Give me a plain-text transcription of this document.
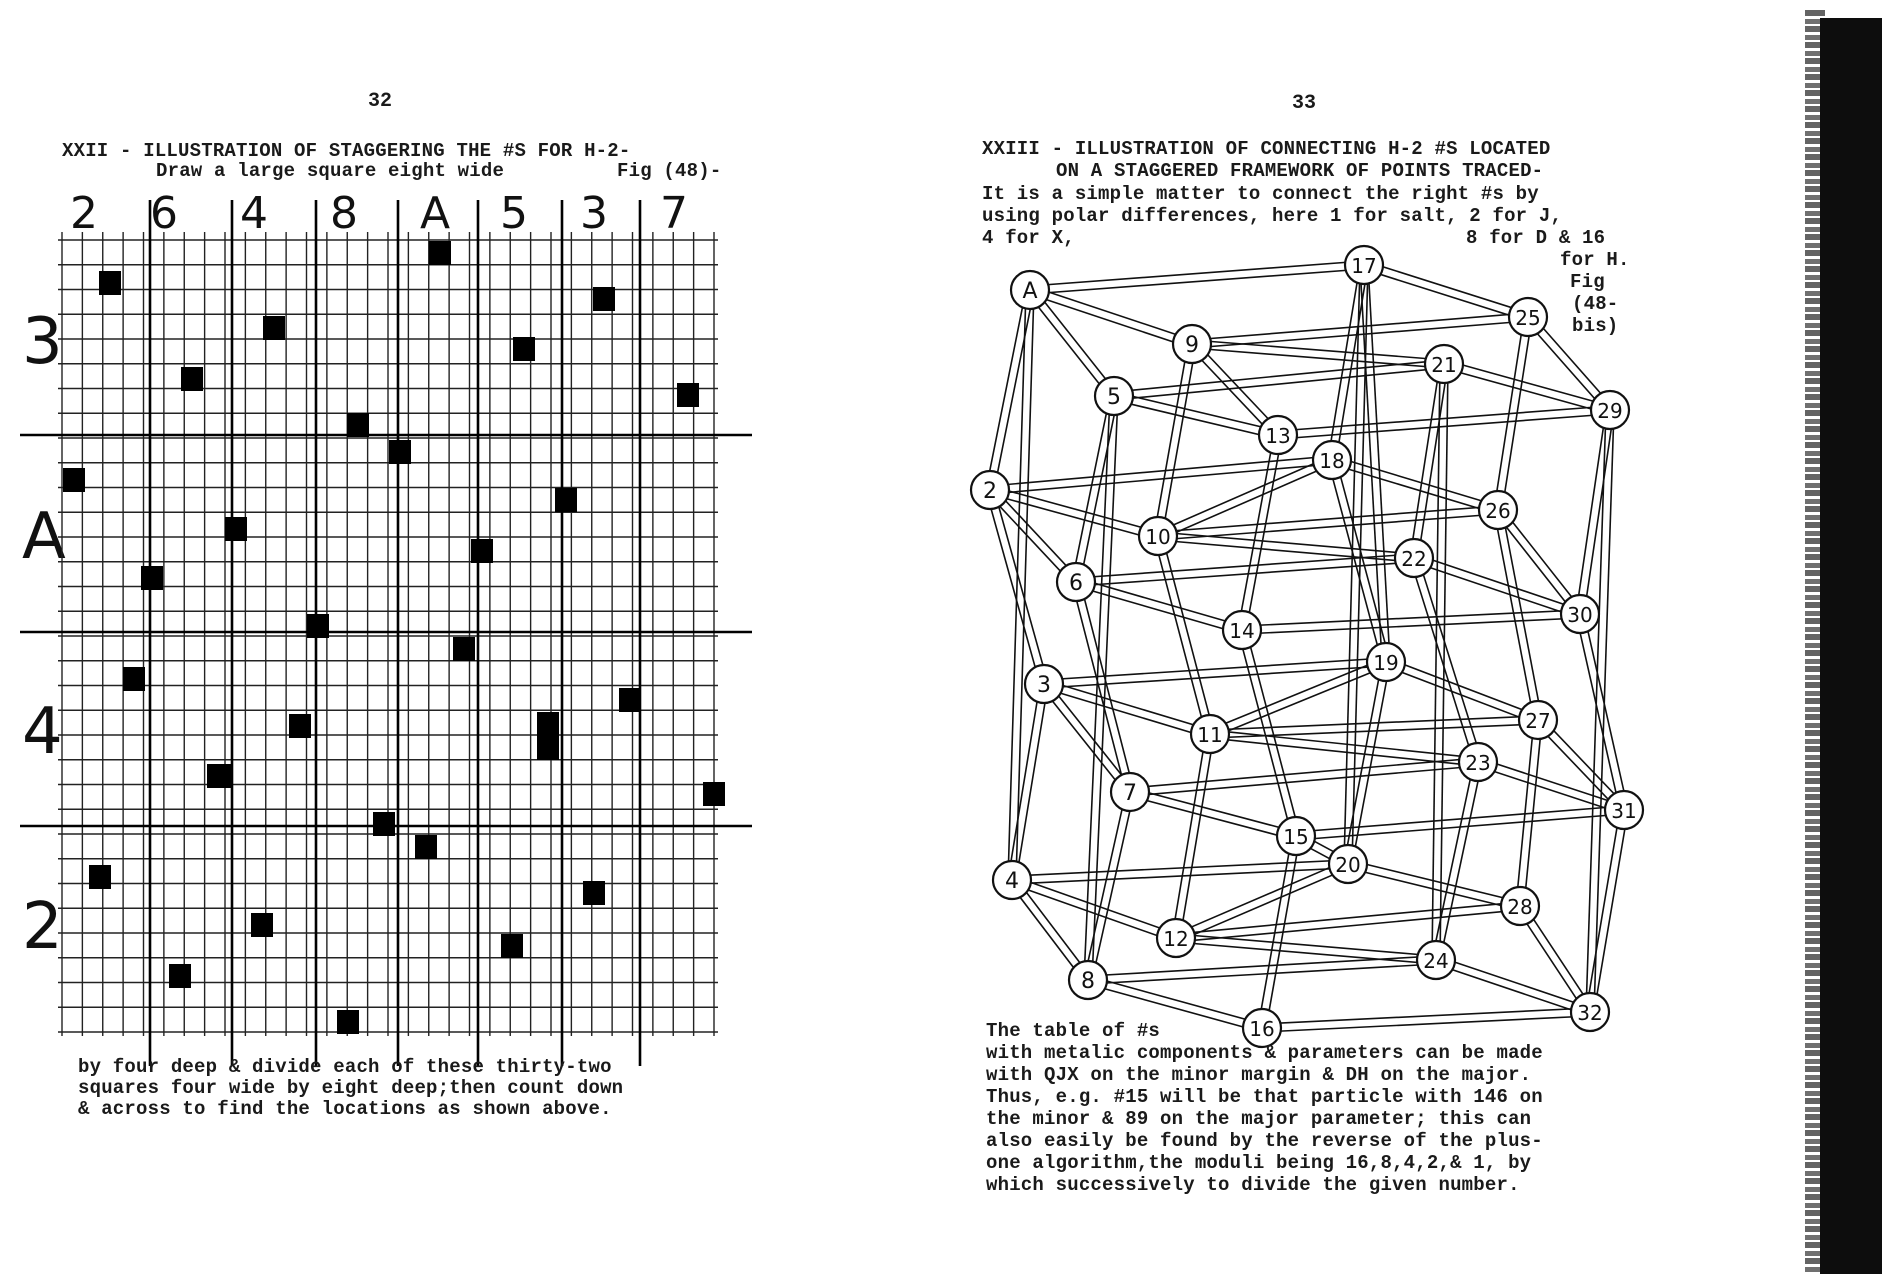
32
XXII - ILLUSTRATION OF STAGGERING THE #S FOR H-2-
Draw a large square eight wide	Fig (48)-
2 6 4 8 A 5 3 7
3
A
4
2
by four deep & divide each of these thirty-two
squares four wide by eight deep;then count down
& across to find the locations as shown above.
33
XXIII - ILLUSTRATION OF CONNECTING H-2 #S LOCATED
ON A STAGGERED FRAMEWORK OF POINTS TRACED-
It is a simple matter to connect the right #s by
using polar differences, here 1 for salt, 2 for J,
4 for X,	8 for D & 16
for H.
Fig
(48-
bis)
A
2
3
4
5
6
7
8
9
10
11
12
13
14
15
16
17
18
19
20
21
22
23
24
25
26
27
28
29
30
31
32
The table of #s
with metalic components & parameters can be made
with QJX on the minor margin & DH on the major.
Thus, e.g. #15 will be that particle with 146 on
the minor & 89 on the major parameter; this can
also easily be found by the reverse of the plus-
one algorithm,the moduli being 16,8,4,2,& 1, by
which successively to divide the given number.
